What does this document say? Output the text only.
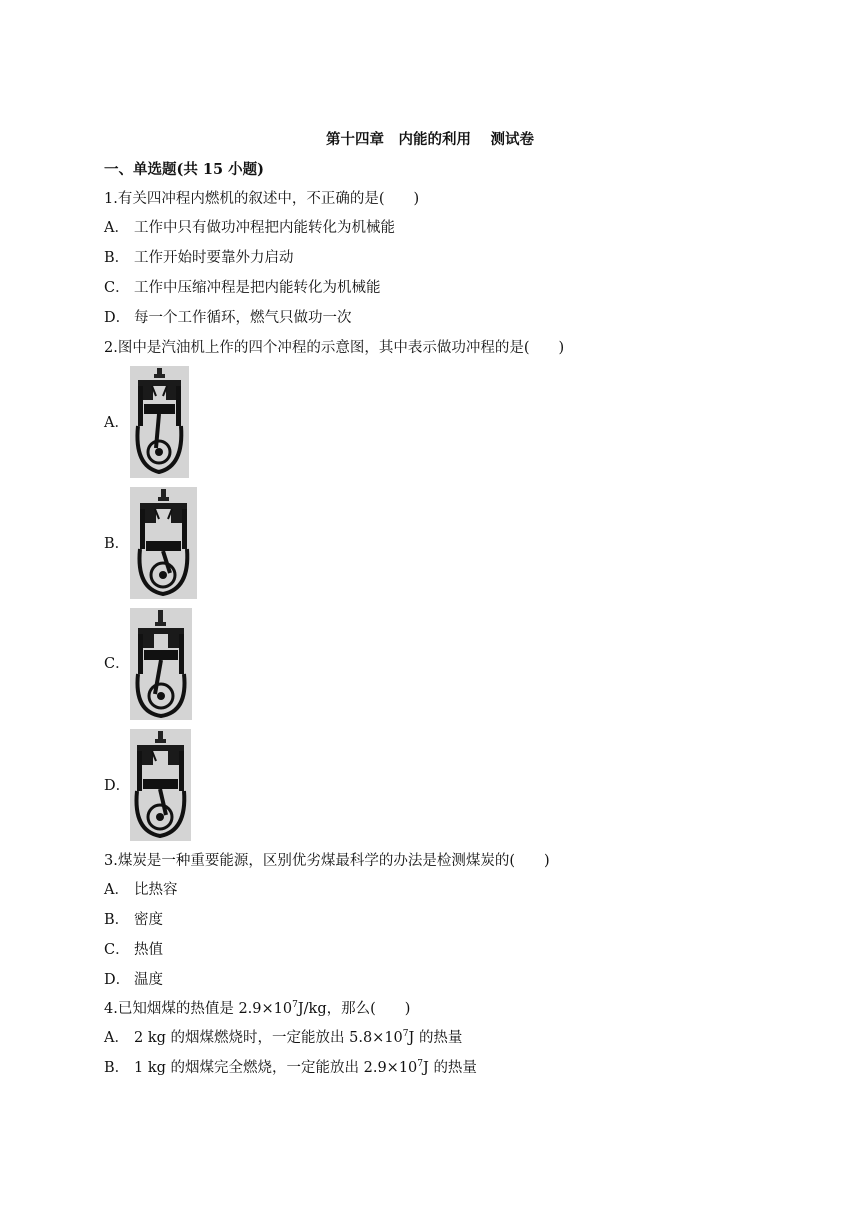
第十四章　内能的利用　 测试卷
一、单选题(共 15 小题)
1.有关四冲程内燃机的叙述中，不正确的是(　　)
A． 工作中只有做功冲程把内能转化为机械能
B． 工作开始时要靠外力启动
C． 工作中压缩冲程是把内能转化为机械能
D． 每一个工作循环，燃气只做功一次
2.图中是汽油机上作的四个冲程的示意图，其中表示做功冲程的是(　　)
A．
B．
C．
D．
3.煤炭是一种重要能源，区别优劣煤最科学的办法是检测煤炭的(　　)
A． 比热容
B． 密度
C． 热值
D． 温度
4.已知烟煤的热值是 $2.9\times 10^7J/kg$，那么(　　)
A． 2 kg 的烟煤燃烧时，一定能放出 $5.8\times 10^7J$ 的热量
B． 1 kg 的烟煤完全燃烧，一定能放出 $2.9\times 10^7J$ 的热量
